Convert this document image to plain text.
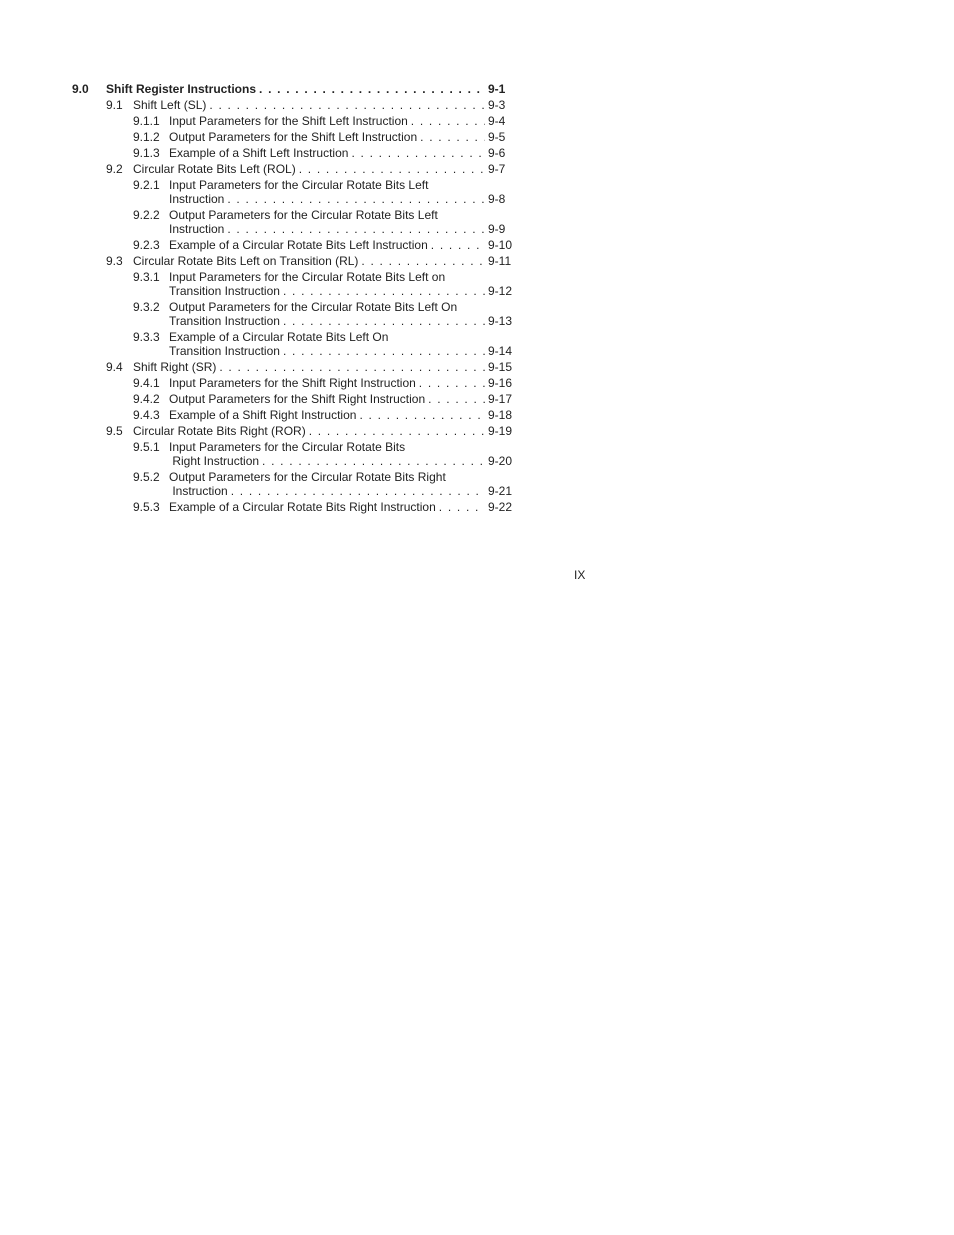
9.0 Shift Register Instructions . . .	9-1
9.1 Shift Left (SL) . . .	9-3
9.1.1 Input Parameters for the Shift Left Instruction . . .	9-4
9.1.2 Output Parameters for the Shift Left Instruction . . .	9-5
9.1.3 Example of a Shift Left Instruction . . .	9-6
9.2 Circular Rotate Bits Left (ROL) . . .	9-7
9.2.1 Input Parameters for the Circular Rotate Bits Left
Instruction . . .	9-8
9.2.2 Output Parameters for the Circular Rotate Bits Left
Instruction . . .	9-9
9.2.3 Example of a Circular Rotate Bits Left Instruction . . .	9-10
9.3 Circular Rotate Bits Left on Transition (RL) . . .	9-11
9.3.1 Input Parameters for the Circular Rotate Bits Left on
Transition Instruction . . .	9-12
9.3.2 Output Parameters for the Circular Rotate Bits Left On
Transition Instruction . . .	9-13
9.3.3 Example of a Circular Rotate Bits Left On
Transition Instruction . . .	9-14
9.4 Shift Right (SR) . . .	9-15
9.4.1 Input Parameters for the Shift Right Instruction . . .	9-16
9.4.2 Output Parameters for the Shift Right Instruction . . .	9-17
9.4.3 Example of a Shift Right Instruction . . .	9-18
9.5 Circular Rotate Bits Right (ROR) . . .	9-19
9.5.1 Input Parameters for the Circular Rotate Bits
Right Instruction . . .	9-20
9.5.2 Output Parameters for the Circular Rotate Bits Right
Instruction . . .	9-21
9.5.3 Example of a Circular Rotate Bits Right Instruction . . .	9-22
IX
